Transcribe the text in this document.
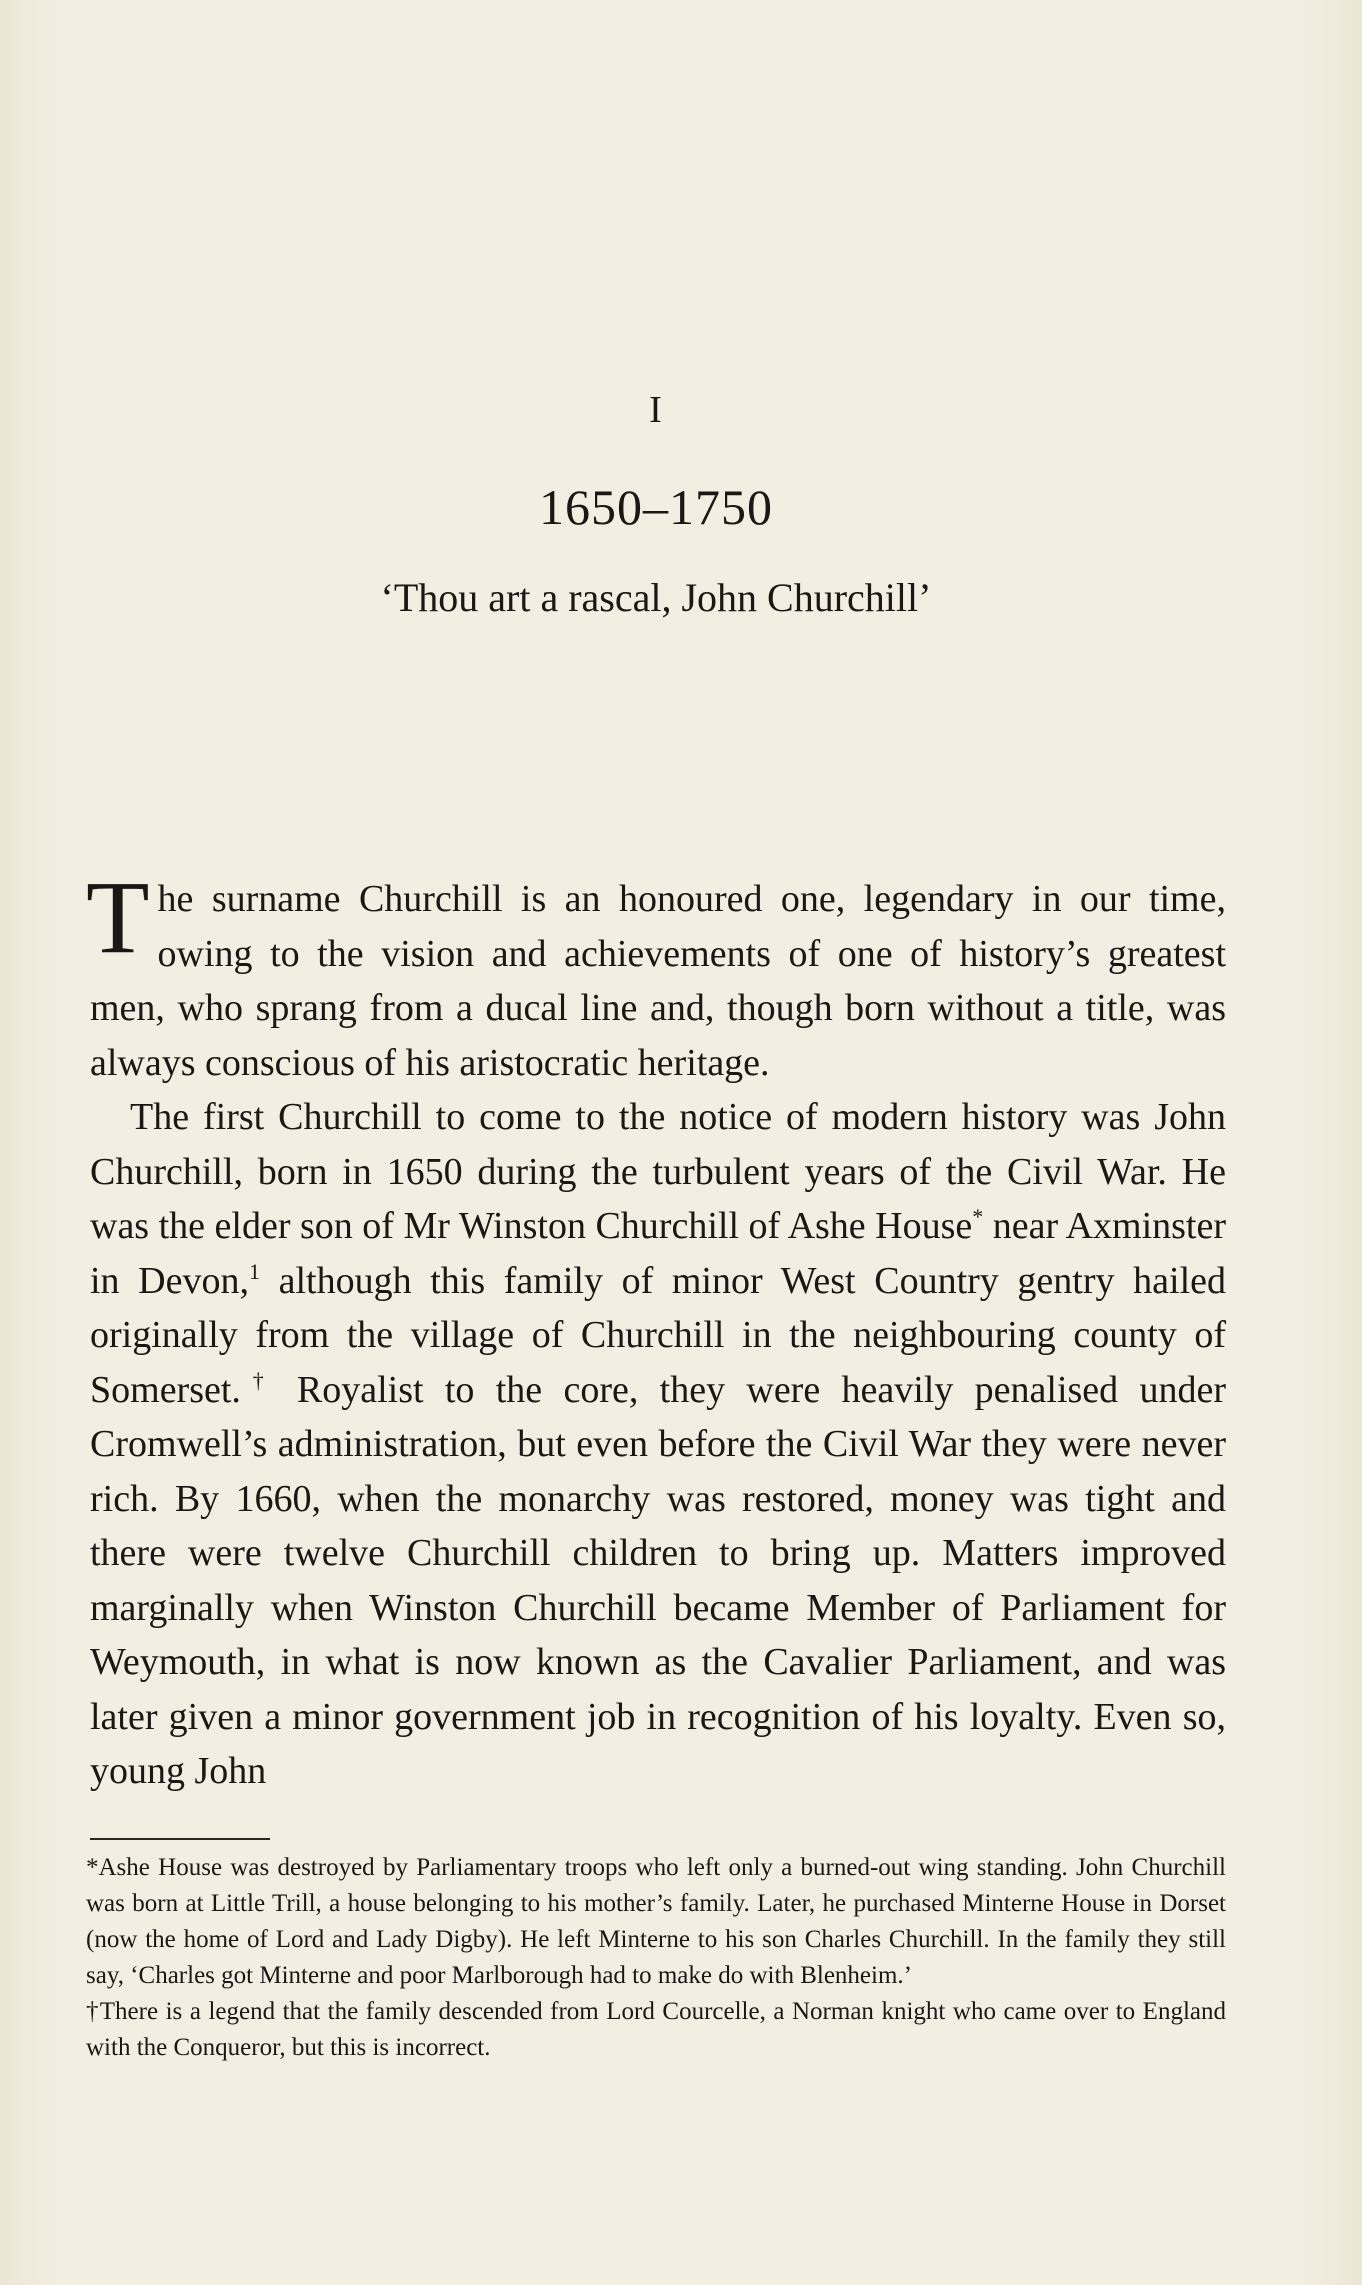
I
1650–1750
‘Thou art a rascal, John Churchill’

The surname Churchill is an honoured one, legendary in our time, owing to the vision and achievements of one of history’s greatest men, who sprang from a ducal line and, though born without a title, was always conscious of his aristocratic heritage.

The first Churchill to come to the notice of modern history was John Churchill, born in 1650 during the turbulent years of the Civil War. He was the elder son of Mr Winston Churchill of Ashe House* near Axminster in Devon,$^1$ although this family of minor West Country gentry hailed originally from the village of Churchill in the neighbouring county of Somerset.† Royalist to the core, they were heavily penalised under Cromwell’s administration, but even before the Civil War they were never rich. By 1660, when the monarchy was restored, money was tight and there were twelve Churchill children to bring up. Matters improved marginally when Winston Churchill became Member of Parliament for Weymouth, in what is now known as the Cavalier Parliament, and was later given a minor government job in recognition of his loyalty. Even so, young John

*Ashe House was destroyed by Parliamentary troops who left only a burned-out wing standing. John Churchill was born at Little Trill, a house belonging to his mother’s family. Later, he purchased Minterne House in Dorset (now the home of Lord and Lady Digby). He left Minterne to his son Charles Churchill. In the family they still say, ‘Charles got Minterne and poor Marlborough had to make do with Blenheim.’

†There is a legend that the family descended from Lord Courcelle, a Norman knight who came over to England with the Conqueror, but this is incorrect.
